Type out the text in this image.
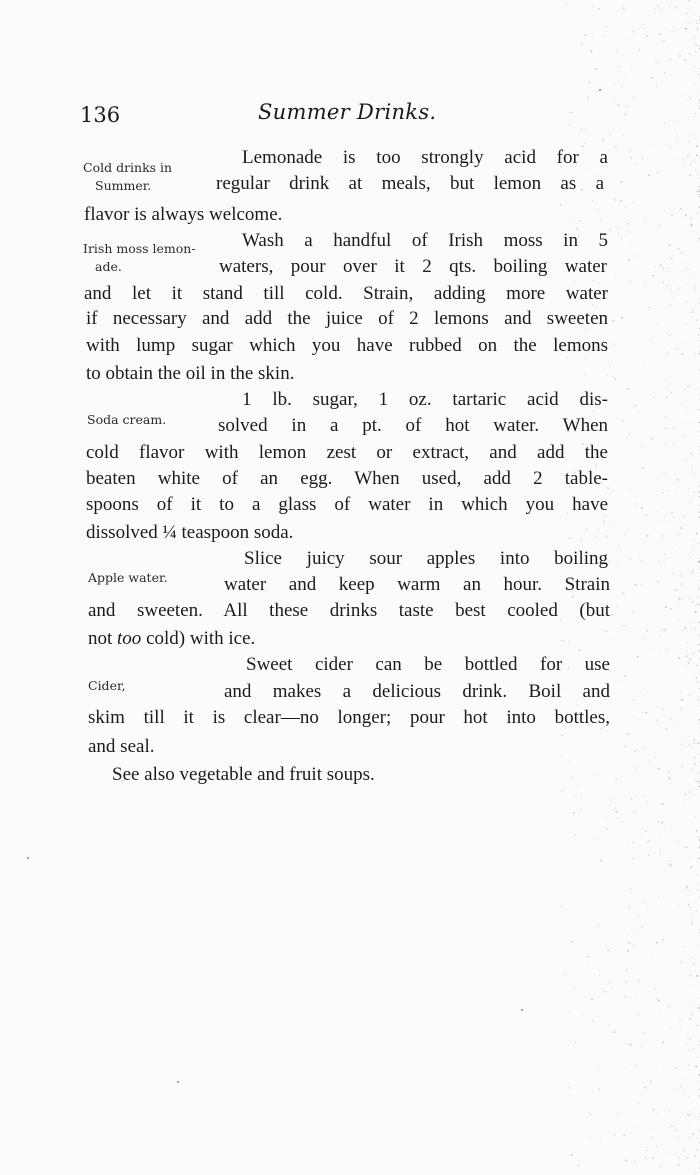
136	Summer Drinks.
Cold drinks in
Summer.
Irish moss lemon-
ade.
Soda cream.
Apple water.
Cider,
Lemonade is too strongly acid for a
regular drink at meals, but lemon as a
flavor is always welcome.
Wash a handful of Irish moss in 5
waters, pour over it 2 qts. boiling water
and let it stand till cold. Strain, adding more water
if necessary and add the juice of 2 lemons and sweeten
with lump sugar which you have rubbed on the lemons
to obtain the oil in the skin.
1 lb. sugar, 1 oz. tartaric acid dis-
solved in a pt. of hot water. When
cold flavor with lemon zest or extract, and add the
beaten white of an egg. When used, add 2 table-
spoons of it to a glass of water in which you have
dissolved ¼ teaspoon soda.
Slice juicy sour apples into boiling
water and keep warm an hour. Strain
and sweeten. All these drinks taste best cooled (but
not too cold) with ice.
Sweet cider can be bottled for use
and makes a delicious drink. Boil and
skim till it is clear—no longer; pour hot into bottles,
and seal.
See also vegetable and fruit soups.
